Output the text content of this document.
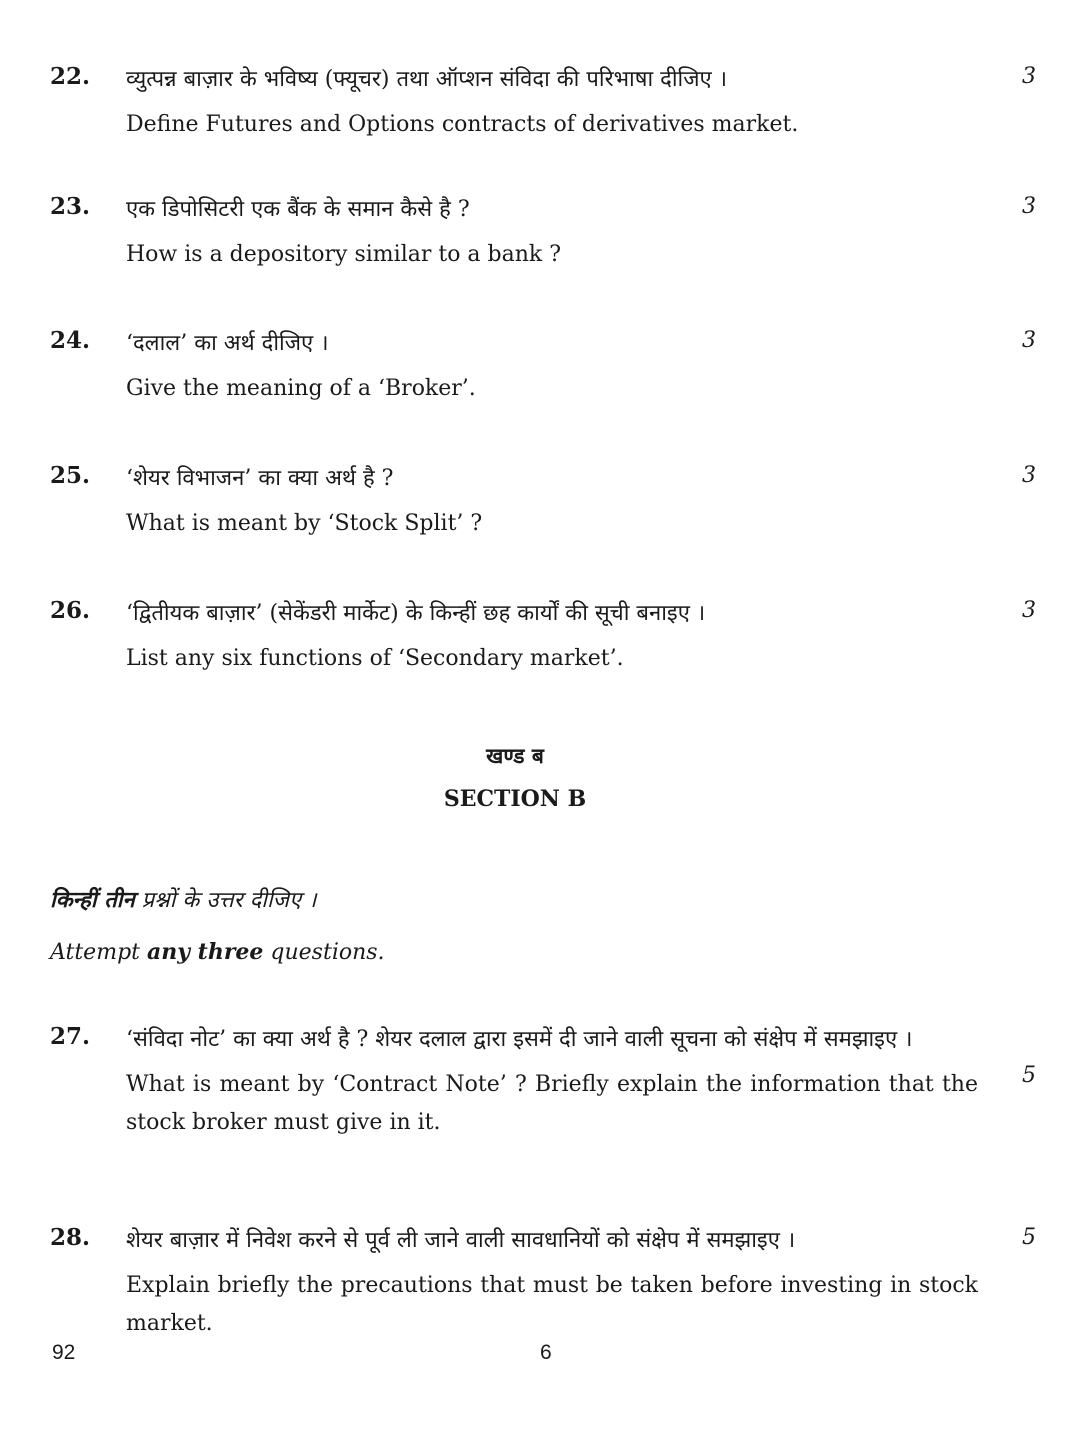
22. व्युत्पन्न बाज़ार के भविष्य (फ्यूचर) तथा ऑप्शन संविदा की परिभाषा दीजिए ।
Define Futures and Options contracts of derivatives market.
3
23. एक डिपोसिटरी एक बैंक के समान कैसे है ?
How is a depository similar to a bank ?
3
24. ‘दलाल’ का अर्थ दीजिए ।
Give the meaning of a ‘Broker’.
3
25. ‘शेयर विभाजन’ का क्या अर्थ है ?
What is meant by ‘Stock Split’ ?
3
26. ‘द्वितीयक बाज़ार’ (सेकेंडरी मार्केट) के किन्हीं छह कार्यों की सूची बनाइए ।
List any six functions of ‘Secondary market’.
3
खण्ड ब
SECTION B
किन्हीं तीन प्रश्नों के उत्तर दीजिए ।
Attempt any three questions.
27. ‘संविदा नोट’ का क्या अर्थ है ? शेयर दलाल द्वारा इसमें दी जाने वाली सूचना को संक्षेप में समझाइए ।
What is meant by ‘Contract Note’ ? Briefly explain the information that the stock broker must give in it.
5
28. शेयर बाज़ार में निवेश करने से पूर्व ली जाने वाली सावधानियों को संक्षेप में समझाइए ।
Explain briefly the precautions that must be taken before investing in stock market.
5
92	6
